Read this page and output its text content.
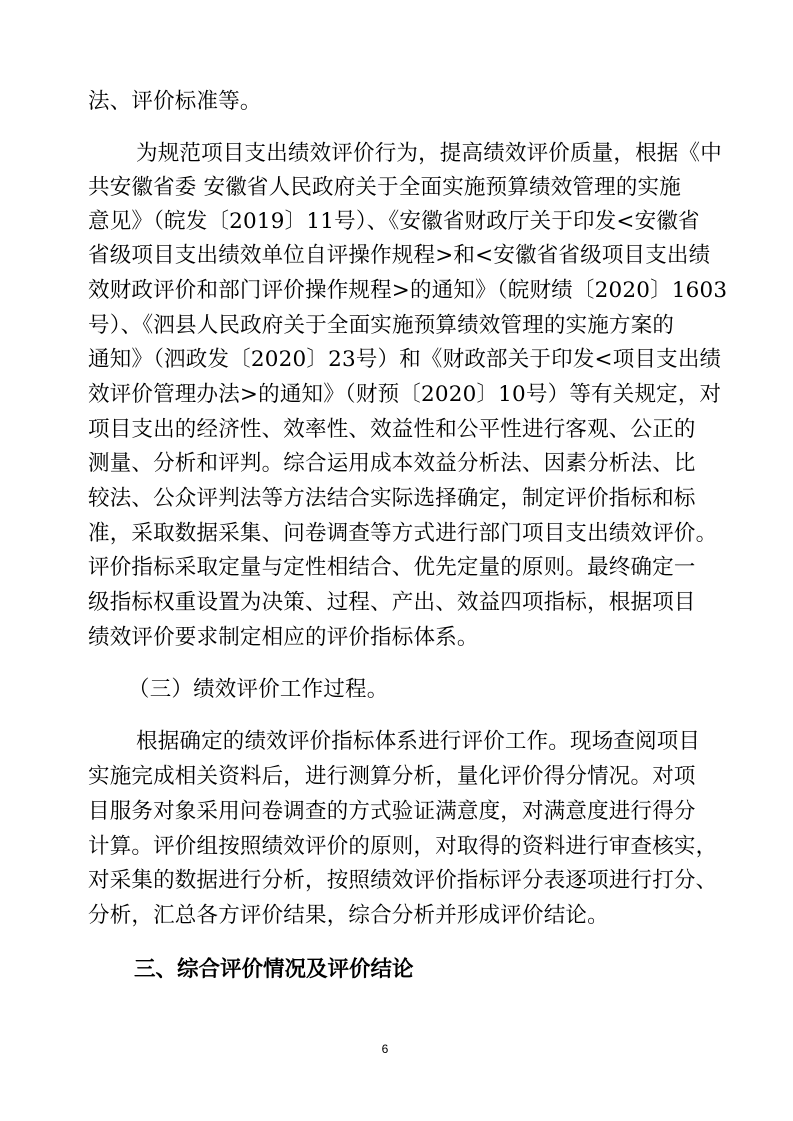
法、评价标准等。
为规范项目支出绩效评价行为，提高绩效评价质量，根据《中
共安徽省委 安徽省人民政府关于全面实施预算绩效管理的实施
意见》（皖发〔2019〕11号）、《安徽省财政厅关于印发<安徽省
省级项目支出绩效单位自评操作规程>和<安徽省省级项目支出绩
效财政评价和部门评价操作规程>的通知》（皖财绩〔2020〕1603
号）、《泗县人民政府关于全面实施预算绩效管理的实施方案的
通知》（泗政发〔2020〕23号）和《财政部关于印发<项目支出绩
效评价管理办法>的通知》（财预〔2020〕10号）等有关规定，对
项目支出的经济性、效率性、效益性和公平性进行客观、公正的
测量、分析和评判。综合运用成本效益分析法、因素分析法、比
较法、公众评判法等方法结合实际选择确定，制定评价指标和标
准，采取数据采集、问卷调查等方式进行部门项目支出绩效评价。
评价指标采取定量与定性相结合、优先定量的原则。最终确定一
级指标权重设置为决策、过程、产出、效益四项指标，根据项目
绩效评价要求制定相应的评价指标体系。
（三）绩效评价工作过程。
根据确定的绩效评价指标体系进行评价工作。现场查阅项目
实施完成相关资料后，进行测算分析，量化评价得分情况。对项
目服务对象采用问卷调查的方式验证满意度，对满意度进行得分
计算。评价组按照绩效评价的原则，对取得的资料进行审查核实，
对采集的数据进行分析，按照绩效评价指标评分表逐项进行打分、
分析，汇总各方评价结果，综合分析并形成评价结论。
三、综合评价情况及评价结论
6
